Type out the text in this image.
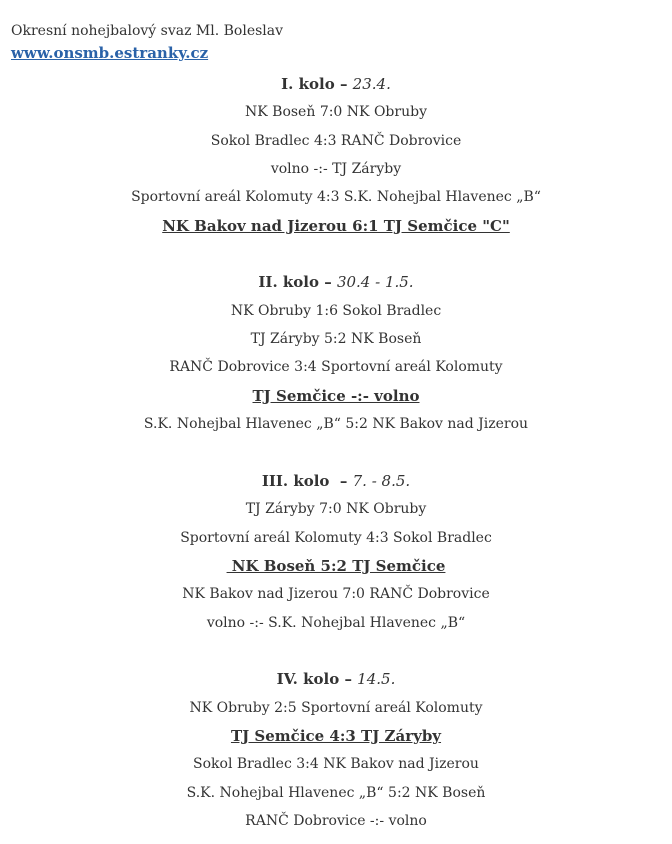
Okresní nohejbalový svaz Ml. Boleslav
www.onsmb.estranky.cz
I. kolo – 23.4.
NK Boseň 7:0 NK Obruby
Sokol Bradlec 4:3 RANČ Dobrovice
volno -:- TJ Záryby
Sportovní areál Kolomuty 4:3 S.K. Nohejbal Hlavenec „B“
NK Bakov nad Jizerou 6:1 TJ Semčice "C"
II. kolo – 30.4 - 1.5.
NK Obruby 1:6 Sokol Bradlec
TJ Záryby 5:2 NK Boseň
RANČ Dobrovice 3:4 Sportovní areál Kolomuty
TJ Semčice -:- volno
S.K. Nohejbal Hlavenec „B“ 5:2 NK Bakov nad Jizerou
III. kolo  – 7. - 8.5.
TJ Záryby 7:0 NK Obruby
Sportovní areál Kolomuty 4:3 Sokol Bradlec
NK Boseň 5:2 TJ Semčice
NK Bakov nad Jizerou 7:0 RANČ Dobrovice
volno -:- S.K. Nohejbal Hlavenec „B“
IV. kolo – 14.5.
NK Obruby 2:5 Sportovní areál Kolomuty
TJ Semčice 4:3 TJ Záryby
Sokol Bradlec 3:4 NK Bakov nad Jizerou
S.K. Nohejbal Hlavenec „B“ 5:2 NK Boseň
RANČ Dobrovice -:- volno
